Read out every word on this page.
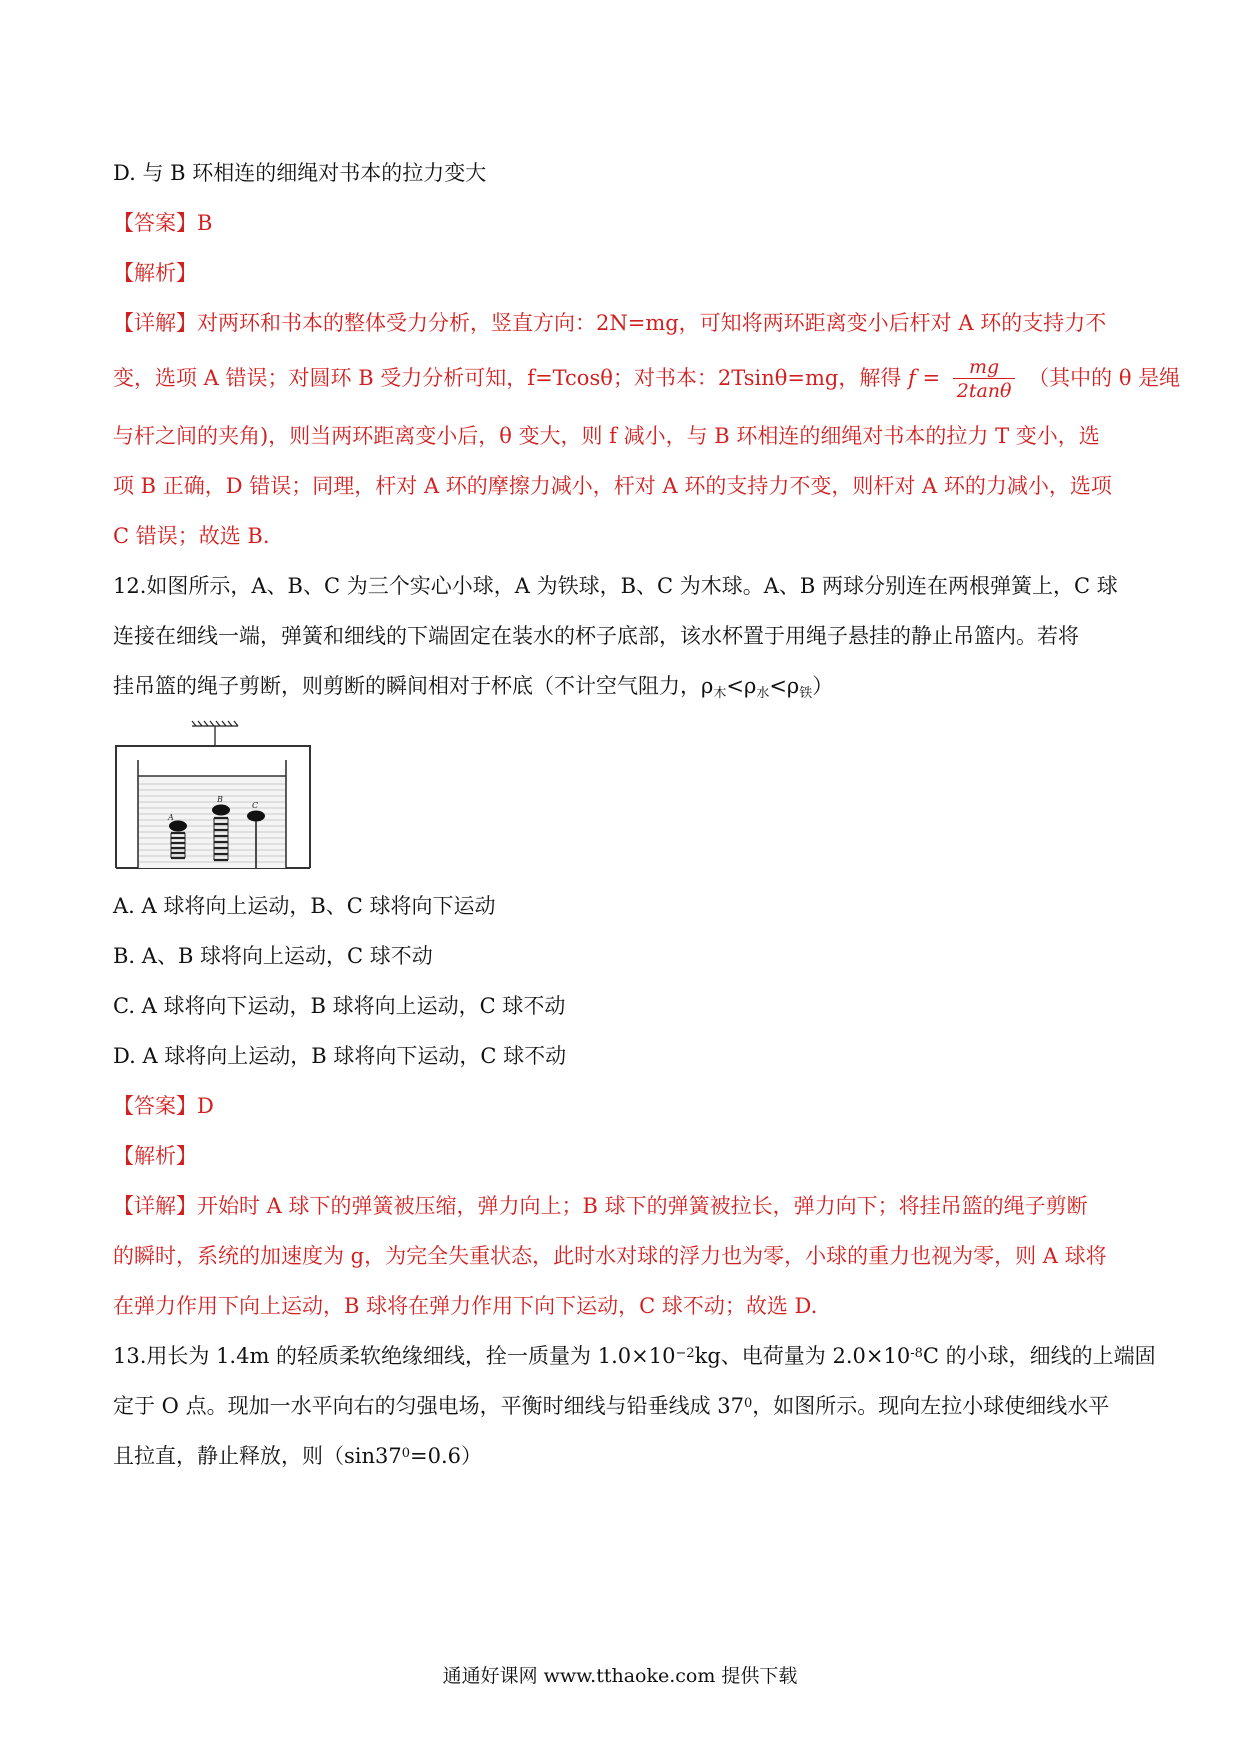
D. 与 B 环相连的细绳对书本的拉力变大
【答案】B
【解析】
【详解】对两环和书本的整体受力分析，竖直方向：2N=mg，可知将两环距离变小后杆对 A 环的支持力不
变，选项 A 错误；对圆环 B 受力分析可知，f=Tcosθ；对书本：2Tsinθ=mg，解得 $f = \frac{mg}{2\tan\theta}$ （其中的 θ 是绳
与杆之间的夹角)，则当两环距离变小后，θ 变大，则 f 减小，与 B 环相连的细绳对书本的拉力 T 变小，选
项 B 正确，D 错误；同理，杆对 A 环的摩擦力减小，杆对 A 环的支持力不变，则杆对 A 环的力减小，选项
C 错误；故选 B.
12.如图所示，A、B、C 为三个实心小球，A 为铁球，B、C 为木球。A、B 两球分别连在两根弹簧上，C 球
连接在细线一端，弹簧和细线的下端固定在装水的杯子底部，该水杯置于用绳子悬挂的静止吊篮内。若将
挂吊篮的绳子剪断，则剪断的瞬间相对于杯底（不计空气阻力，ρ木<ρ水<ρ铁）
A
B
C
A. A 球将向上运动，B、C 球将向下运动
B. A、B 球将向上运动，C 球不动
C. A 球将向下运动，B 球将向上运动，C 球不动
D. A 球将向上运动，B 球将向下运动，C 球不动
【答案】D
【解析】
【详解】开始时 A 球下的弹簧被压缩，弹力向上；B 球下的弹簧被拉长，弹力向下；将挂吊篮的绳子剪断
的瞬时，系统的加速度为 g，为完全失重状态，此时水对球的浮力也为零，小球的重力也视为零，则 A 球将
在弹力作用下向上运动，B 球将在弹力作用下向下运动，C 球不动；故选 D.
13.用长为 1.4m 的轻质柔软绝缘细线，拴一质量为 $1.0\times 10^{-2}kg$、电荷量为 $2.0\times 10^{-8}C$ 的小球，细线的上端固
定于 O 点。现加一水平向右的匀强电场，平衡时细线与铅垂线成 $37^0$，如图所示。现向左拉小球使细线水平
且拉直，静止释放，则$(\sin 37^0=0.6)$
通通好课网 www.tthaoke.com 提供下载
